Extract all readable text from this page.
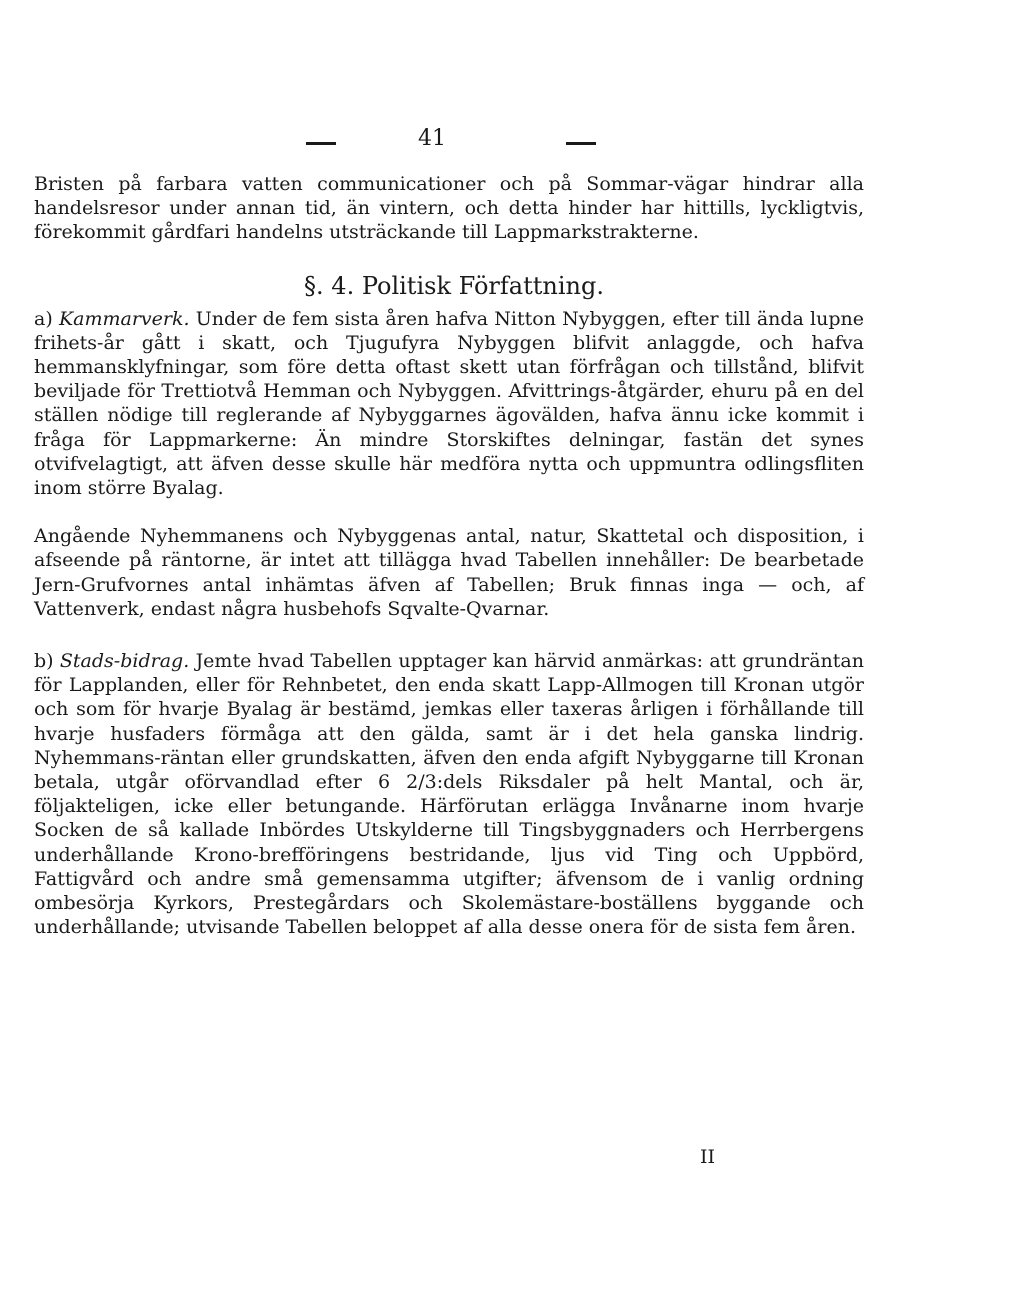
41

Bristen på farbara vatten communicationer och på Sommar-vägar hindrar alla handelsresor under annan tid, än vintern, och detta hinder har hittills, lyckligtvis, förekommit gårdfari handelns utsträckande till Lappmarkstrakterne.

§. 4. Politisk Författning.

a) Kammarverk. Under de fem sista åren hafva Nitton Nybyggen, efter till ända lupne frihets-år gått i skatt, och Tjugufyra Nybyggen blifvit anlaggde, och hafva hemmansklyfningar, som före detta oftast skett utan förfrågan och tillstånd, blifvit beviljade för Trettiotvå Hemman och Nybyggen. Afvittrings-åtgärder, ehuru på en del ställen nödige till reglerande af Nybyggarnes ägovälden, hafva ännu icke kommit i fråga för Lappmarkerne: Än mindre Storskiftes delningar, fastän det synes otvifvelagtigt, att äfven desse skulle här medföra nytta och uppmuntra odlingsfliten inom större Byalag.

Angående Nyhemmanens och Nybyggenas antal, natur, Skattetal och disposition, i afseende på räntorne, är intet att tillägga hvad Tabellen innehåller: De bearbetade Jern-Grufvornes antal inhämtas äfven af Tabellen; Bruk finnas inga — och, af Vattenverk, endast några husbehofs Sqvalte-Qvarnar.

b) Stads-bidrag. Jemte hvad Tabellen upptager kan härvid anmärkas: att grundräntan för Lapplanden, eller för Rehnbetet, den enda skatt Lapp-Allmogen till Kronan utgör och som för hvarje Byalag är bestämd, jemkas eller taxeras årligen i förhållande till hvarje husfaders förmåga att den gälda, samt är i det hela ganska lindrig. Nyhemmans-räntan eller grundskatten, äfven den enda afgift Nybyggarne till Kronan betala, utgår oförvandlad efter 6 2/3:dels Riksdaler på helt Mantal, och är, följakteligen, icke eller betungande. Härförutan erlägga Invånarne inom hvarje Socken de så kallade Inbördes Utskylderne till Tingsbyggnaders och Herrbergens underhållande Krono-brefföringens bestridande, ljus vid Ting och Uppbörd, Fattigvård och andre små gemensamma utgifter; äfvensom de i vanlig ordning ombesörja Kyrkors, Prestegårdars och Skolemästare-boställens byggande och underhållande; utvisande Tabellen beloppet af alla desse onera för de sista fem åren.

II
